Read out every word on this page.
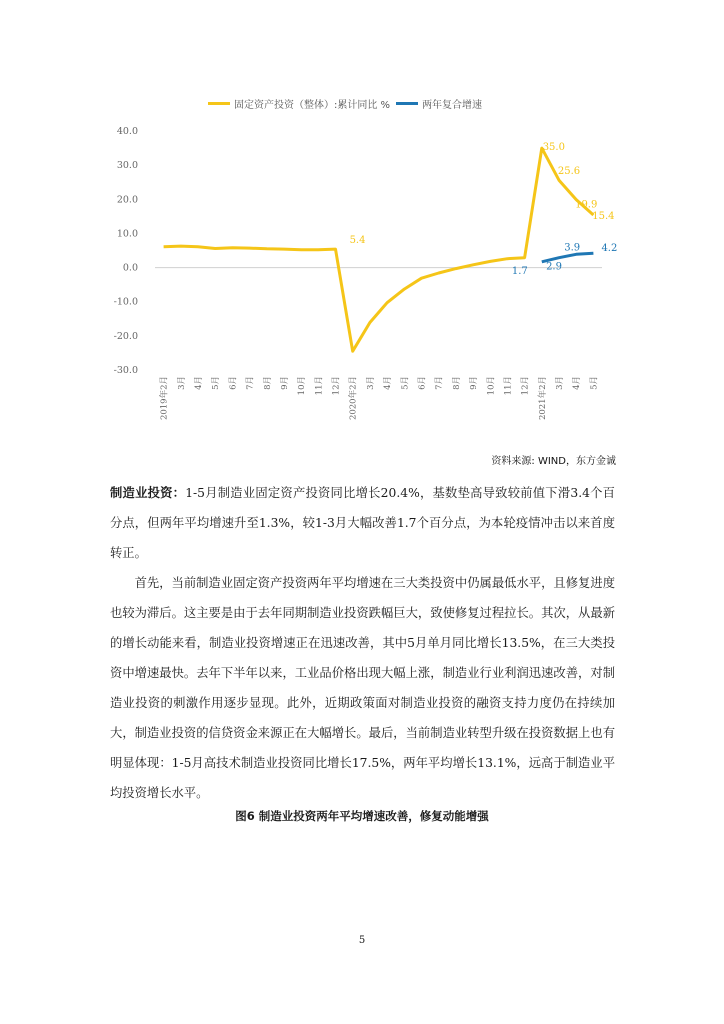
固定资产投资（整体）:累计同比 %	两年复合增速
40.0
30.0
20.0
10.0
0.0
-10.0
-20.0
-30.0
2019年2月 3月 4月 5月 6月 7月 8月 9月 10月 11月 12月 2020年2月 3月 4月 5月 6月 7月 8月 9月 10月 11月 12月 2021年2月 3月 4月 5月
5.4
35.0
25.6
19.9
15.4
1.7 2.9
3.9 4.2
资料来源: WIND，东方金诚

制造业投资：1-5月制造业固定资产投资同比增长20.4%，基数垫高导致较前值下滑3.4个百分点，但两年平均增速升至1.3%，较1-3月大幅改善1.7个百分点，为本轮疫情冲击以来首度转正。

首先，当前制造业固定资产投资两年平均增速在三大类投资中仍属最低水平，且修复进度也较为滞后。这主要是由于去年同期制造业投资跌幅巨大，致使修复过程拉长。其次，从最新的增长动能来看，制造业投资增速正在迅速改善，其中5月单月同比增长13.5%，在三大类投资中增速最快。去年下半年以来，工业品价格出现大幅上涨，制造业行业利润迅速改善，对制造业投资的刺激作用逐步显现。此外，近期政策面对制造业投资的融资支持力度仍在持续加大，制造业投资的信贷资金来源正在大幅增长。最后，当前制造业转型升级在投资数据上也有明显体现：1-5月高技术制造业投资同比增长17.5%，两年平均增长13.1%，远高于制造业平均投资增长水平。

图6 制造业投资两年平均增速改善，修复动能增强
5
